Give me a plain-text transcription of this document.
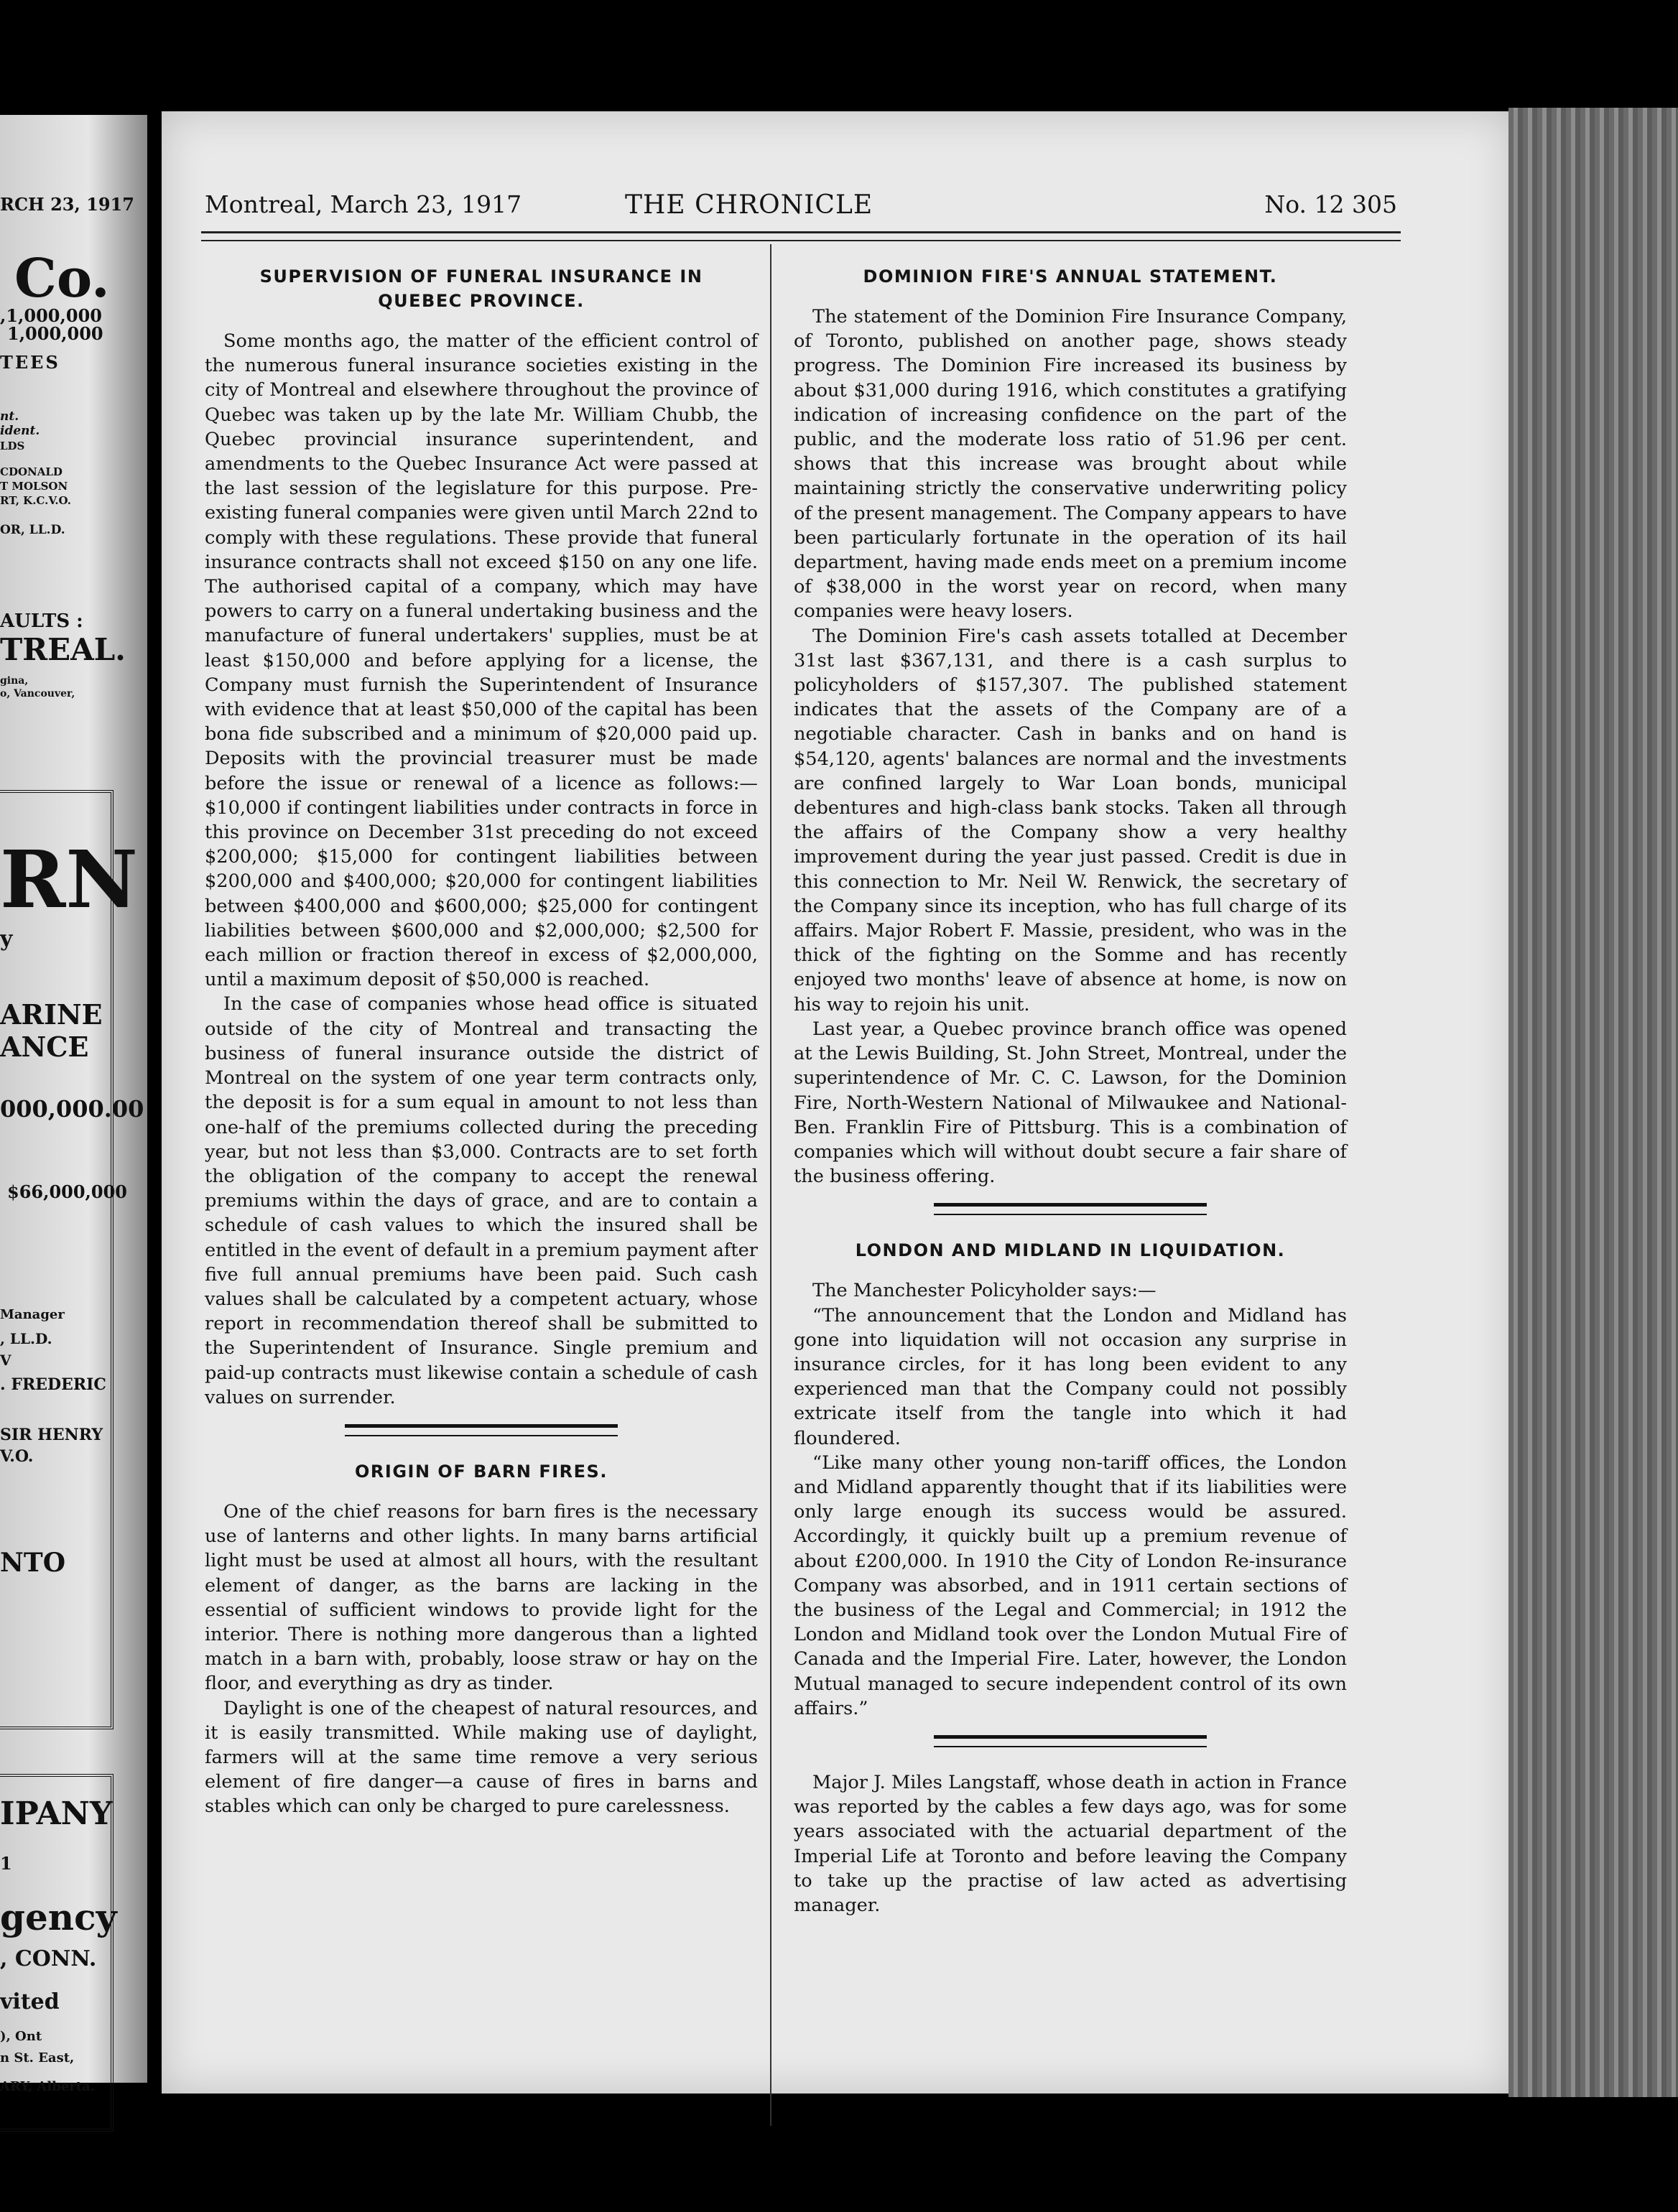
RCH 23, 1917
Co.
,1,000,000
1,000,000
TEES
nt.
ident.
LDS
CDONALD
T MOLSON
RT, K.C.V.O.
OR, LL.D.
AULTS :
TREAL.
gina,
o, Vancouver,
RN
y
ARINE
ANCE
000,000.00
$66,000,000
Manager
, LL.D.
V
. FREDERIC
SIR HENRY
V.O.
NTO
IPANY
1
gency
, CONN.
vited
), Ont
n St. East,
ARY, Alberta.
Montreal, March 23, 1917	THE CHRONICLE	No. 12 305
SUPERVISION OF FUNERAL INSURANCE IN QUEBEC PROVINCE.

Some months ago, the matter of the efficient control of the numerous funeral insurance societies existing in the city of Montreal and elsewhere throughout the province of Quebec was taken up by the late Mr. William Chubb, the Quebec provincial insurance superintendent, and amendments to the Quebec Insurance Act were passed at the last session of the legislature for this purpose. Pre-existing funeral companies were given until March 22nd to comply with these regulations. These provide that funeral insurance contracts shall not exceed $150 on any one life. The authorised capital of a company, which may have powers to carry on a funeral undertaking business and the manufacture of funeral undertakers' supplies, must be at least $150,000 and before applying for a license, the Company must furnish the Superintendent of Insurance with evidence that at least $50,000 of the capital has been bona fide subscribed and a minimum of $20,000 paid up. Deposits with the provincial treasurer must be made before the issue or renewal of a licence as follows:—$10,000 if contingent liabilities under contracts in force in this province on December 31st preceding do not exceed $200,000; $15,000 for contingent liabilities between $200,000 and $400,000; $20,000 for contingent liabilities between $400,000 and $600,000; $25,000 for contingent liabilities between $600,000 and $2,000,000; $2,500 for each million or fraction thereof in excess of $2,000,000, until a maximum deposit of $50,000 is reached.

In the case of companies whose head office is situated outside of the city of Montreal and transacting the business of funeral insurance outside the district of Montreal on the system of one year term contracts only, the deposit is for a sum equal in amount to not less than one-half of the premiums collected during the preceding year, but not less than $3,000. Contracts are to set forth the obligation of the company to accept the renewal premiums within the days of grace, and are to contain a schedule of cash values to which the insured shall be entitled in the event of default in a premium payment after five full annual premiums have been paid. Such cash values shall be calculated by a competent actuary, whose report in recommendation thereof shall be submitted to the Superintendent of Insurance. Single premium and paid-up contracts must likewise contain a schedule of cash values on surrender.

ORIGIN OF BARN FIRES.

One of the chief reasons for barn fires is the necessary use of lanterns and other lights. In many barns artificial light must be used at almost all hours, with the resultant element of danger, as the barns are lacking in the essential of sufficient windows to provide light for the interior. There is nothing more dangerous than a lighted match in a barn with, probably, loose straw or hay on the floor, and everything as dry as tinder.

Daylight is one of the cheapest of natural resources, and it is easily transmitted. While making use of daylight, farmers will at the same time remove a very serious element of fire danger—a cause of fires in barns and stables which can only be charged to pure carelessness.

DOMINION FIRE'S ANNUAL STATEMENT.

The statement of the Dominion Fire Insurance Company, of Toronto, published on another page, shows steady progress. The Dominion Fire increased its business by about $31,000 during 1916, which constitutes a gratifying indication of increasing confidence on the part of the public, and the moderate loss ratio of 51.96 per cent. shows that this increase was brought about while maintaining strictly the conservative underwriting policy of the present management. The Company appears to have been particularly fortunate in the operation of its hail department, having made ends meet on a premium income of $38,000 in the worst year on record, when many companies were heavy losers.

The Dominion Fire's cash assets totalled at December 31st last $367,131, and there is a cash surplus to policyholders of $157,307. The published statement indicates that the assets of the Company are of a negotiable character. Cash in banks and on hand is $54,120, agents' balances are normal and the investments are confined largely to War Loan bonds, municipal debentures and high-class bank stocks. Taken all through the affairs of the Company show a very healthy improvement during the year just passed. Credit is due in this connection to Mr. Neil W. Renwick, the secretary of the Company since its inception, who has full charge of its affairs. Major Robert F. Massie, president, who was in the thick of the fighting on the Somme and has recently enjoyed two months' leave of absence at home, is now on his way to rejoin his unit.

Last year, a Quebec province branch office was opened at the Lewis Building, St. John Street, Montreal, under the superintendence of Mr. C. C. Lawson, for the Dominion Fire, North-Western National of Milwaukee and National-Ben. Franklin Fire of Pittsburg. This is a combination of companies which will without doubt secure a fair share of the business offering.

LONDON AND MIDLAND IN LIQUIDATION.

The Manchester Policyholder says:—

“The announcement that the London and Midland has gone into liquidation will not occasion any surprise in insurance circles, for it has long been evident to any experienced man that the Company could not possibly extricate itself from the tangle into which it had floundered.

“Like many other young non-tariff offices, the London and Midland apparently thought that if its liabilities were only large enough its success would be assured. Accordingly, it quickly built up a premium revenue of about £200,000. In 1910 the City of London Re-insurance Company was absorbed, and in 1911 certain sections of the business of the Legal and Commercial; in 1912 the London and Midland took over the London Mutual Fire of Canada and the Imperial Fire. Later, however, the London Mutual managed to secure independent control of its own affairs.”

Major J. Miles Langstaff, whose death in action in France was reported by the cables a few days ago, was for some years associated with the actuarial department of the Imperial Life at Toronto and before leaving the Company to take up the practise of law acted as advertising manager.
